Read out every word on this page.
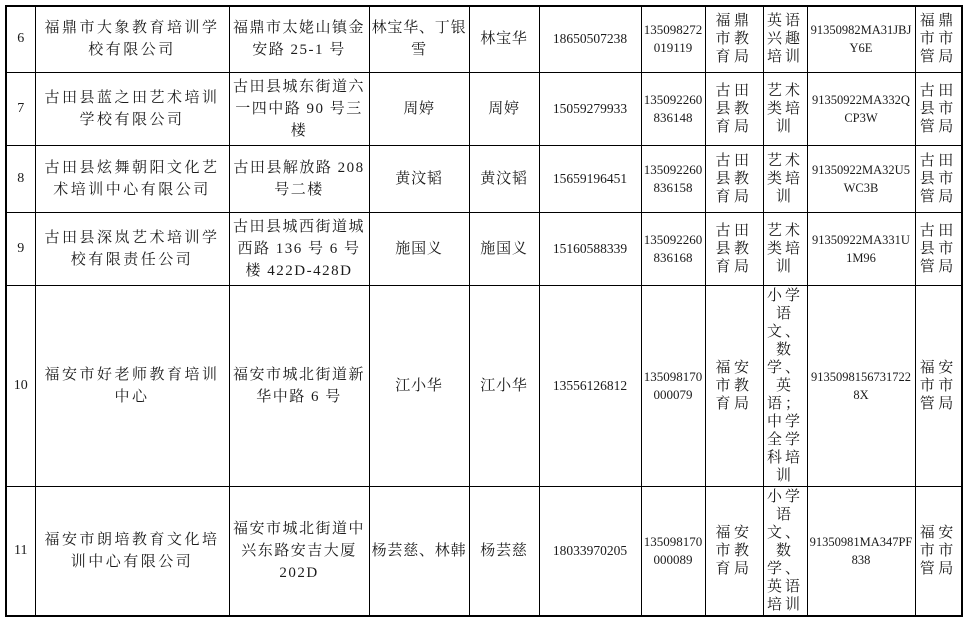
6	福鼎市大象教育培训学校有限公司	福鼎市太姥山镇金安路 25-1 号	林宝华、丁银雪	林宝华	18650507238	135098272019119	福鼎市教育局	英语兴趣培训	91350982MA31JBJY6E	福鼎市市管局
7	古田县蓝之田艺术培训学校有限公司	古田县城东街道六一四中路 90 号三楼	周婷	周婷	15059279933	135092260836148	古田县教育局	艺术类培训	91350922MA332QCP3W	古田县市管局
8	古田县炫舞朝阳文化艺术培训中心有限公司	古田县解放路 208 号二楼	黄汶韬	黄汶韬	15659196451	135092260836158	古田县教育局	艺术类培训	91350922MA32U5WC3B	古田县市管局
9	古田县深岚艺术培训学校有限责任公司	古田县城西街道城西路 136 号 6 号楼 422D-428D	施国义	施国义	15160588339	135092260836168	古田县教育局	艺术类培训	91350922MA331U1M96	古田县市管局
10	福安市好老师教育培训中心	福安市城北街道新华中路 6 号	江小华	江小华	13556126812	135098170000079	福安市教育局	小学语文、数学、英语；中学全学科培训	91350981567317228X	福安市市管局
11	福安市朗培教育文化培训中心有限公司	福安市城北街道中兴东路安吉大厦 202D	杨芸慈、林韩	杨芸慈	18033970205	135098170000089	福安市教育局	小学语文、数学、英语培训	91350981MA347PF838	福安市市管局
